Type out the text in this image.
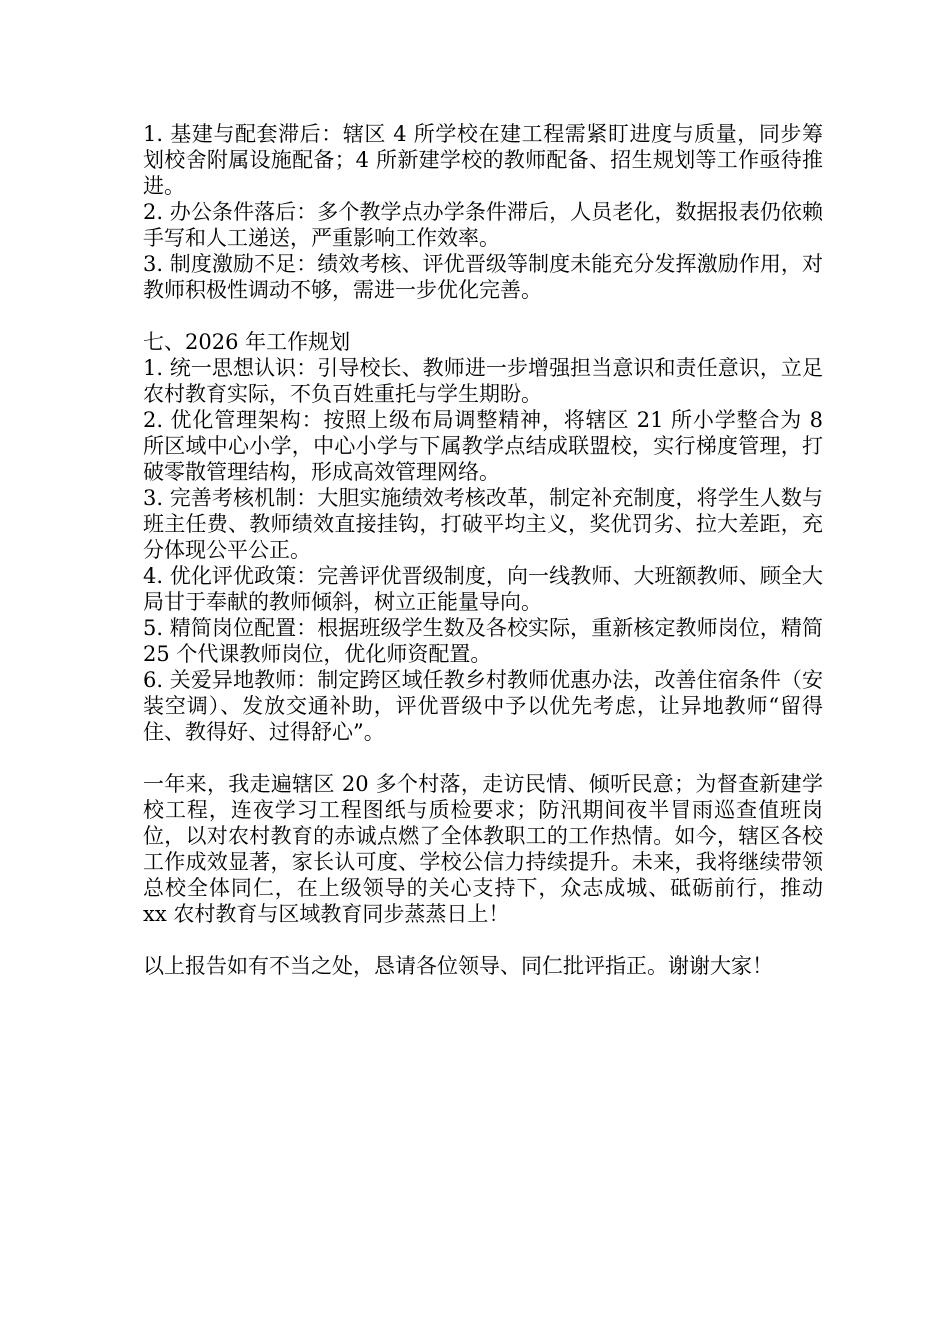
1. 基建与配套滞后：辖区 4 所学校在建工程需紧盯进度与质量，同步筹划校舍附属设施配备；4 所新建学校的教师配备、招生规划等工作亟待推进。

2. 办公条件落后：多个教学点办学条件滞后，人员老化，数据报表仍依赖手写和人工递送，严重影响工作效率。

3. 制度激励不足：绩效考核、评优晋级等制度未能充分发挥激励作用，对教师积极性调动不够，需进一步优化完善。

七、2026 年工作规划

1. 统一思想认识：引导校长、教师进一步增强担当意识和责任意识，立足农村教育实际，不负百姓重托与学生期盼。

2. 优化管理架构：按照上级布局调整精神，将辖区 21 所小学整合为 8 所区域中心小学，中心小学与下属教学点结成联盟校，实行梯度管理，打破零散管理结构，形成高效管理网络。

3. 完善考核机制：大胆实施绩效考核改革，制定补充制度，将学生人数与班主任费、教师绩效直接挂钩，打破平均主义，奖优罚劣、拉大差距，充分体现公平公正。

4. 优化评优政策：完善评优晋级制度，向一线教师、大班额教师、顾全大局甘于奉献的教师倾斜，树立正能量导向。

5. 精简岗位配置：根据班级学生数及各校实际，重新核定教师岗位，精简 25 个代课教师岗位，优化师资配置。

6. 关爱异地教师：制定跨区域任教乡村教师优惠办法，改善住宿条件（安装空调）、发放交通补助，评优晋级中予以优先考虑，让异地教师“留得住、教得好、过得舒心”。

一年来，我走遍辖区 20 多个村落，走访民情、倾听民意；为督查新建学校工程，连夜学习工程图纸与质检要求；防汛期间夜半冒雨巡查值班岗位，以对农村教育的赤诚点燃了全体教职工的工作热情。如今，辖区各校工作成效显著，家长认可度、学校公信力持续提升。未来，我将继续带领总校全体同仁，在上级领导的关心支持下，众志成城、砥砺前行，推动 xx 农村教育与区域教育同步蒸蒸日上！

以上报告如有不当之处，恳请各位领导、同仁批评指正。谢谢大家！
